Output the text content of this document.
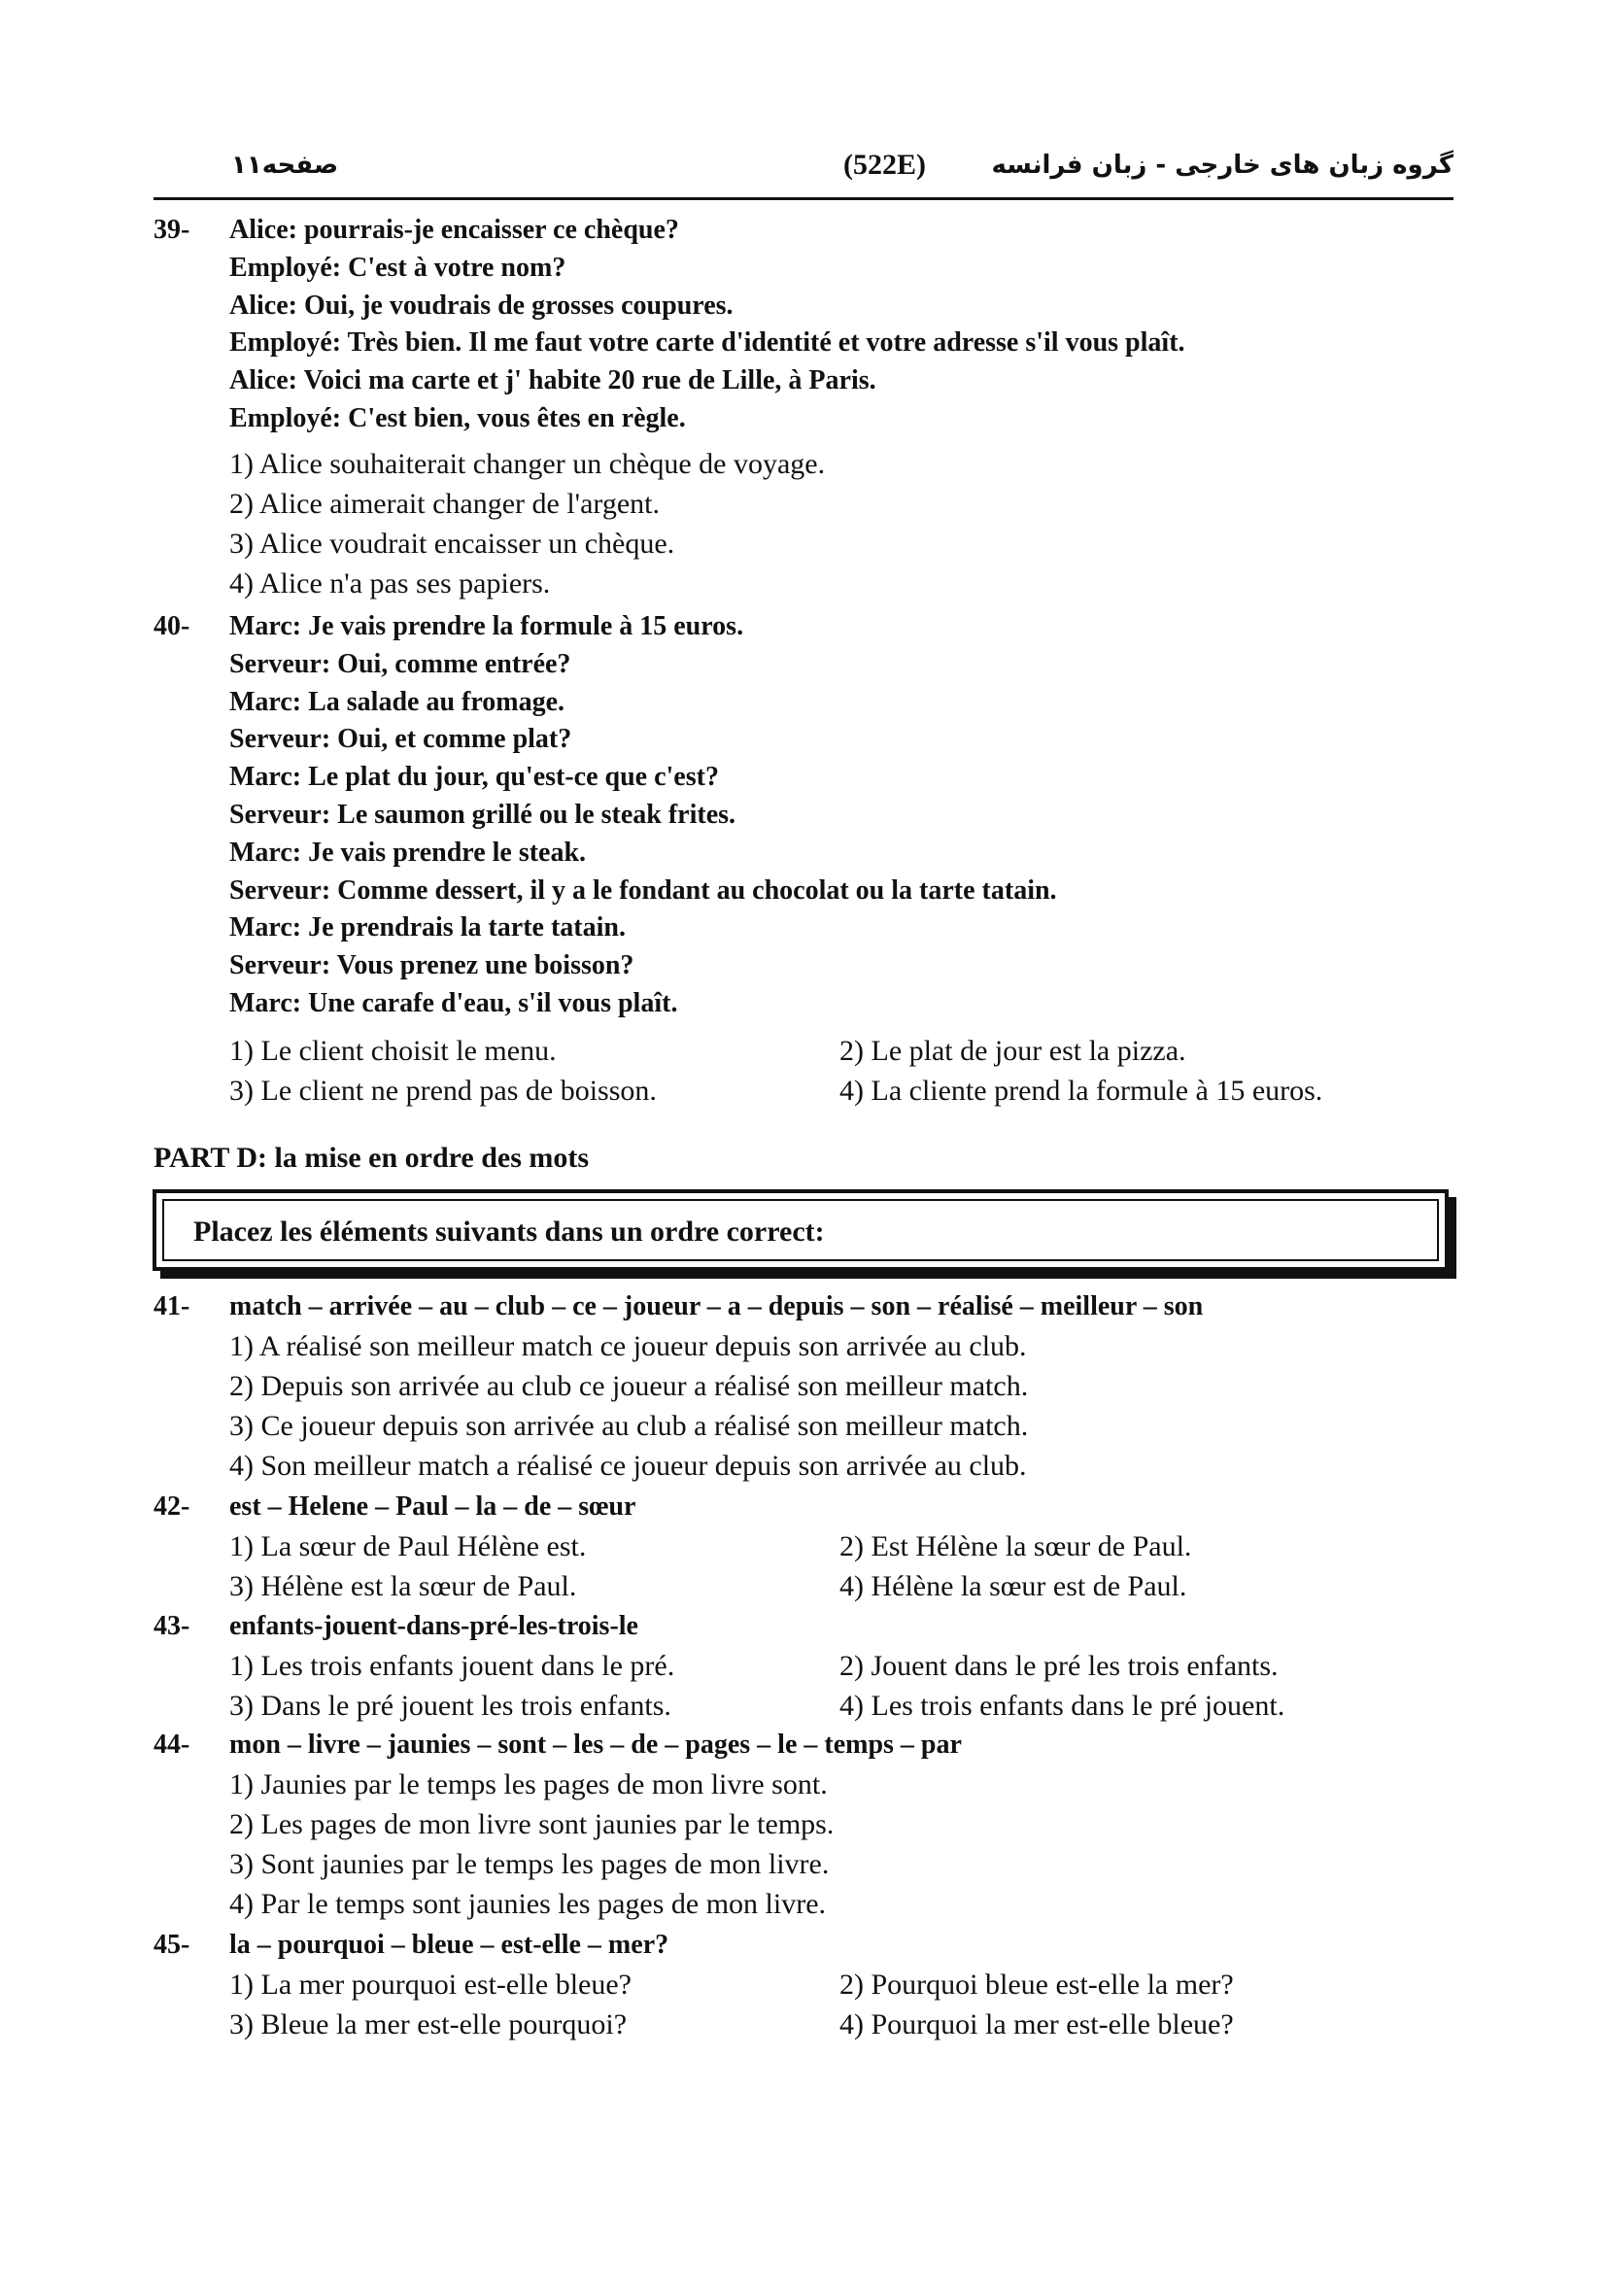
صفحه۱۱	(522E)	گروه زبان های خارجی - زبان فرانسه
39- Alice: pourrais-je encaisser ce chèque?
Employé: C'est à votre nom?
Alice: Oui, je voudrais de grosses coupures.
Employé: Très bien. Il me faut votre carte d'identité et votre adresse s'il vous plaît.
Alice: Voici ma carte et j' habite 20 rue de Lille, à Paris.
Employé: C'est bien, vous êtes en règle.
1) Alice souhaiterait changer un chèque de voyage.
2) Alice aimerait changer de l'argent.
3) Alice voudrait encaisser un chèque.
4) Alice n'a pas ses papiers.
40- Marc: Je vais prendre la formule à 15 euros.
Serveur: Oui, comme entrée?
Marc: La salade au fromage.
Serveur: Oui, et comme plat?
Marc: Le plat du jour, qu'est-ce que c'est?
Serveur: Le saumon grillé ou le steak frites.
Marc: Je vais prendre le steak.
Serveur: Comme dessert, il y a le fondant au chocolat ou la tarte tatain.
Marc: Je prendrais la tarte tatain.
Serveur: Vous prenez une boisson?
Marc: Une carafe d'eau, s'il vous plaît.
1) Le client choisit le menu.	2) Le plat de jour est la pizza.
3) Le client ne prend pas de boisson.	4) La cliente prend la formule à 15 euros.
PART D: la mise en ordre des mots
Placez les éléments suivants dans un ordre correct:
41- match – arrivée – au – club – ce – joueur – a – depuis – son – réalisé – meilleur – son
1) A réalisé son meilleur match ce joueur depuis son arrivée au club.
2) Depuis son arrivée au club ce joueur a réalisé son meilleur match.
3) Ce joueur depuis son arrivée au club a réalisé son meilleur match.
4) Son meilleur match a réalisé ce joueur depuis son arrivée au club.
42- est – Helene – Paul – la – de – sœur
1) La sœur de Paul Hélène est.	2) Est Hélène la sœur de Paul.
3) Hélène est la sœur de Paul.	4) Hélène la sœur est de Paul.
43- enfants-jouent-dans-pré-les-trois-le
1) Les trois enfants jouent dans le pré.	2) Jouent dans le pré les trois enfants.
3) Dans le pré jouent les trois enfants.	4) Les trois enfants dans le pré jouent.
44- mon – livre – jaunies – sont – les – de – pages – le – temps – par
1) Jaunies par le temps les pages de mon livre sont.
2) Les pages de mon livre sont jaunies par le temps.
3) Sont jaunies par le temps les pages de mon livre.
4) Par le temps sont jaunies les pages de mon livre.
45- la – pourquoi – bleue – est-elle – mer?
1) La mer pourquoi est-elle bleue?	2) Pourquoi bleue est-elle la mer?
3) Bleue la mer est-elle pourquoi?	4) Pourquoi la mer est-elle bleue?
